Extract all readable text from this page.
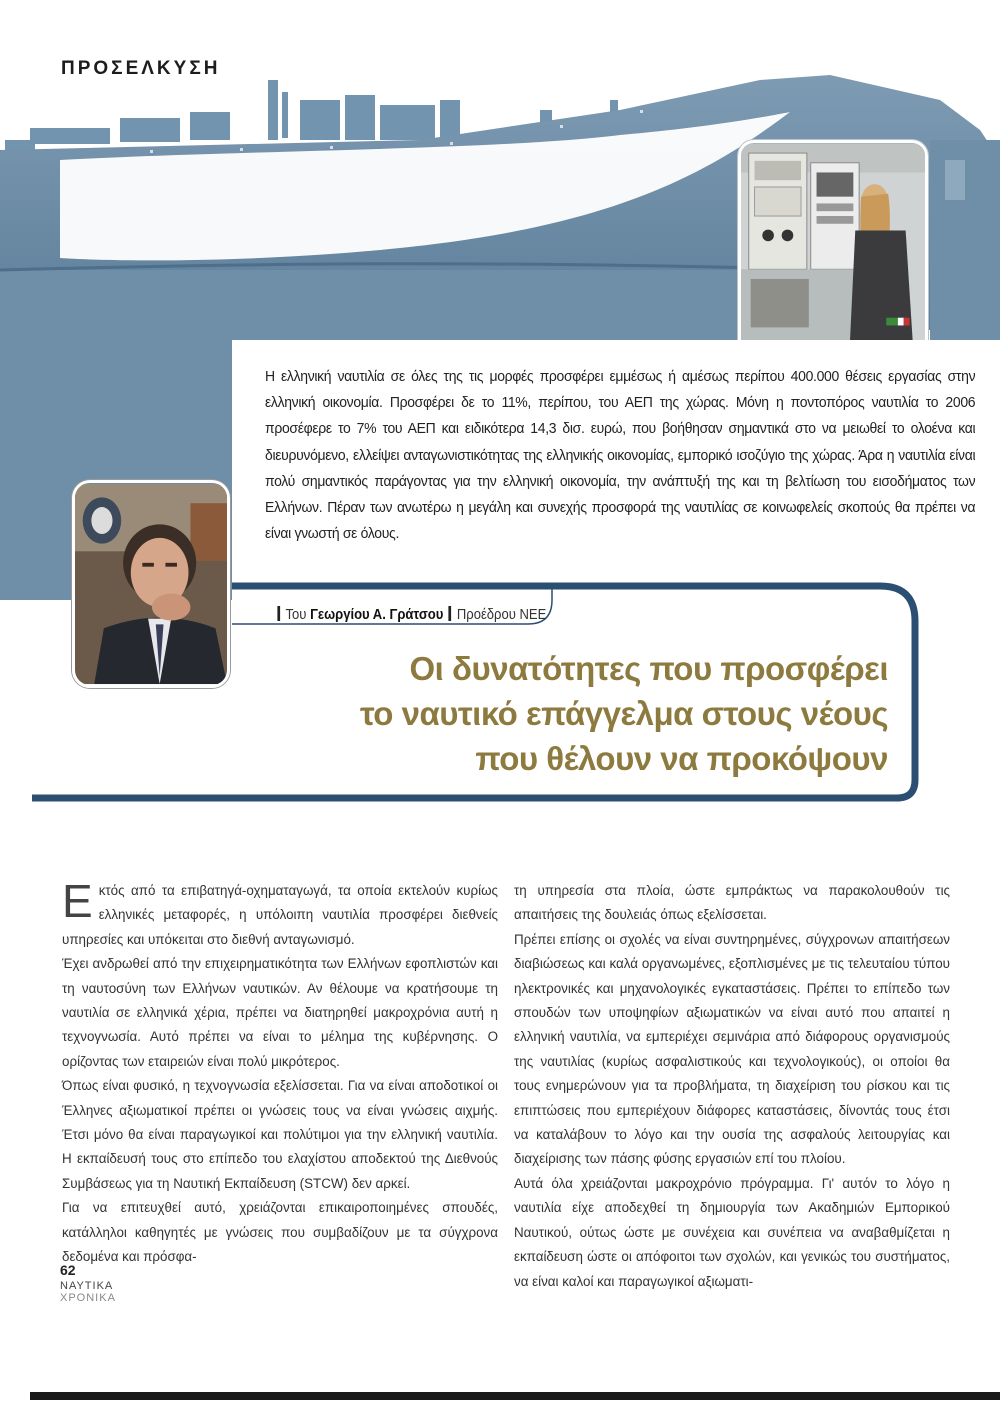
ΠΡΟΣΕΛΚΥΣΗ
Η ελληνική ναυτιλία σε όλες της τις μορφές προσφέρει εμμέσως ή αμέσως περίπου 400.000 θέσεις εργασίας στην ελληνική οικονομία. Προσφέρει δε το 11%, περίπου, του ΑΕΠ της χώρας. Μόνη η ποντοπόρος ναυτιλία το 2006 προσέφερε το 7% του ΑΕΠ και ειδικότερα 14,3 δισ. ευρώ, που βοήθησαν σημαντικά στο να μειωθεί το ολοένα και διευρυνόμενο, ελλείψει ανταγωνιστικότητας της ελληνικής οικονομίας, εμπορικό ισοζύγιο της χώρας. Άρα η ναυτιλία είναι πολύ σημαντικός παράγοντας για την ελληνική οικονομία, την ανάπτυξή της και τη βελτίωση του εισοδήματος των Ελλήνων. Πέραν των ανωτέρω η μεγάλη και συνεχής προσφορά της ναυτιλίας σε κοινωφελείς σκοπούς θα πρέπει να είναι γνωστή σε όλους.
Του Γεωργίου Α. Γράτσου Προέδρου ΝΕΕ
Οι δυνατότητες που προσφέρει
το ναυτικό επάγγελμα στους νέους
που θέλουν να προκόψουν

Εκτός από τα επιβατηγά-οχηματαγωγά, τα οποία εκτελούν κυρίως ελληνικές μεταφορές, η υπόλοιπη ναυτιλία προσφέρει διεθνείς υπηρεσίες και υπόκειται στο διεθνή ανταγωνισμό.

Έχει ανδρωθεί από την επιχειρηματικότητα των Ελλήνων εφοπλιστών και τη ναυτοσύνη των Ελλήνων ναυτικών. Αν θέλουμε να κρατήσουμε τη ναυτιλία σε ελληνικά χέρια, πρέπει να διατηρηθεί μακροχρόνια αυτή η τεχνογνωσία. Αυτό πρέπει να είναι το μέλημα της κυβέρνησης. Ο ορίζοντας των εταιρειών είναι πολύ μικρότερος.

Όπως είναι φυσικό, η τεχνογνωσία εξελίσσεται. Για να είναι αποδοτικοί οι Έλληνες αξιωματικοί πρέπει οι γνώσεις τους να είναι γνώσεις αιχμής. Έτσι μόνο θα είναι παραγωγικοί και πολύτιμοι για την ελληνική ναυτιλία. Η εκπαίδευσή τους στο επίπεδο του ελαχίστου αποδεκτού της Διεθνούς Συμβάσεως για τη Ναυτική Εκπαίδευση (STCW) δεν αρκεί.

Για να επιτευχθεί αυτό, χρειάζονται επικαιροποιημένες σπουδές, κατάλληλοι καθηγητές με γνώσεις που συμβαδίζουν με τα σύγχρονα δεδομένα και πρόσφα-

τη υπηρεσία στα πλοία, ώστε εμπράκτως να παρακολουθούν τις απαιτήσεις της δουλειάς όπως εξελίσσεται.

Πρέπει επίσης οι σχολές να είναι συντηρημένες, σύγχρονων απαιτήσεων διαβιώσεως και καλά οργανωμένες, εξοπλισμένες με τις τελευταίου τύπου ηλεκτρονικές και μηχανολογικές εγκαταστάσεις. Πρέπει το επίπεδο των σπουδών των υποψηφίων αξιωματικών να είναι αυτό που απαιτεί η ελληνική ναυτιλία, να εμπεριέχει σεμινάρια από διάφορους οργανισμούς της ναυτιλίας (κυρίως ασφαλιστικούς και τεχνολογικούς), οι οποίοι θα τους ενημερώνουν για τα προβλήματα, τη διαχείριση του ρίσκου και τις επιπτώσεις που εμπεριέχουν διάφορες καταστάσεις, δίνοντάς τους έτσι να καταλάβουν το λόγο και την ουσία της ασφαλούς λειτουργίας και διαχείρισης των πάσης φύσης εργασιών επί του πλοίου.

Αυτά όλα χρειάζονται μακροχρόνιο πρόγραμμα. Γι' αυτόν το λόγο η ναυτιλία είχε αποδεχθεί τη δημιουργία των Ακαδημιών Εμπορικού Ναυτικού, ούτως ώστε με συνέχεια και συνέπεια να αναβαθμίζεται η εκπαίδευση ώστε οι απόφοιτοι των σχολών, και γενικώς του συστήματος, να είναι καλοί και παραγωγικοί αξιωματι-

62
ΝΑΥΤΙΚΑ
ΧΡΟΝΙΚΑ
